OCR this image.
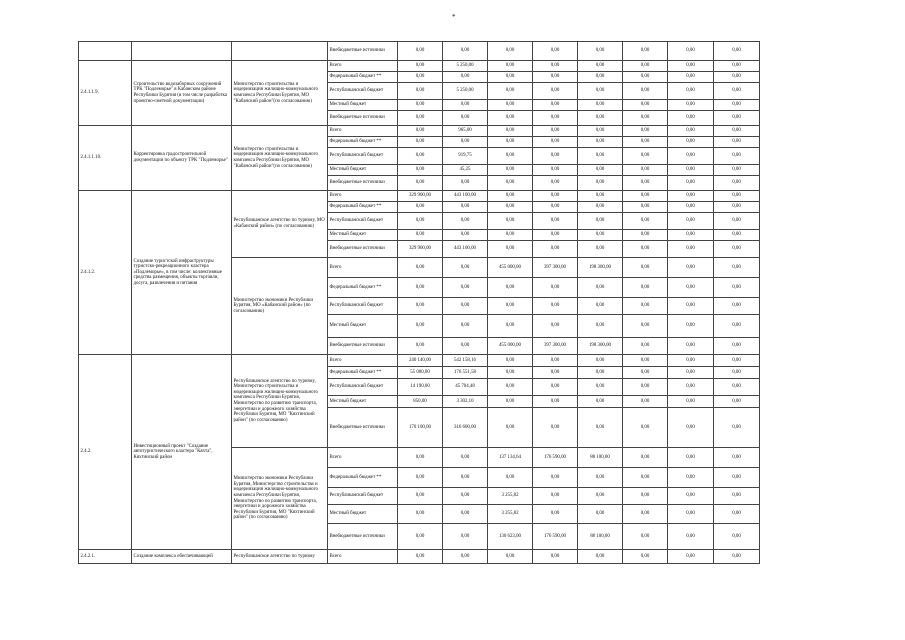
*
			Внебюджетные источники	0,00	0,00	0,00	0,00	0,00	0,00	0,00	0,00
2.4.1.1.9.	Строительство водозаборных сооружений ТРК "Подлеморье" в Кабанском районе Республики Бурятия (в том числе разработка проектно-сметной документации)	Министерство строительства и модернизации жилищно-коммунального комплекса Республики Бурятия, МО "Кабанский район"(по согласованию)	Всего	0,00	5 250,00	0,00	0,00	0,00	0,00	0,00	0,00
			Федеральный бюджет **	0,00	0,00	0,00	0,00	0,00	0,00	0,00	0,00
			Республиканский бюджет	0,00	5 250,00	0,00	0,00	0,00	0,00	0,00	0,00
			Местный бюджет	0,00	0,00	0,00	0,00	0,00	0,00	0,00	0,00
			Внебюджетные источники	0,00	0,00	0,00	0,00	0,00	0,00	0,00	0,00
2.4.1.1.10.	Корректировка градостроительной документации по объекту ТРК "Подлеморье"	Министерство строительства и модернизации жилищно-коммунального комплекса Республики Бурятия, МО "Кабанский район"(по согласованию)	Всего	0,00	965,00	0,00	0,00	0,00	0,00	0,00	0,00
			Федеральный бюджет **	0,00	0,00	0,00	0,00	0,00	0,00	0,00	0,00
			Республиканский бюджет	0,00	919,75	0,00	0,00	0,00	0,00	0,00	0,00
			Местный бюджет	0,00	45,25	0,00	0,00	0,00	0,00	0,00	0,00
			Внебюджетные источники	0,00	0,00	0,00	0,00	0,00	0,00	0,00	0,00
2.4.1.2.	Создание туристской инфраструктуры туристско-рекреационного кластера «Подлеморье», в том числе: коллективные средства размещения, объекты торговли, досуга, развлечения и питания	Республиканское агентство по туризму, МО «Кабанский район» (по согласованию)	Всего	329 900,00	443 100,00	0,00	0,00	0,00	0,00	0,00	0,00
			Федеральный бюджет **	0,00	0,00	0,00	0,00	0,00	0,00	0,00	0,00
			Республиканский бюджет	0,00	0,00	0,00	0,00	0,00	0,00	0,00	0,00
			Местный бюджет	0,00	0,00	0,00	0,00	0,00	0,00	0,00	0,00
			Внебюджетные источники	329 900,00	443 100,00	0,00	0,00	0,00	0,00	0,00	0,00
		Министерство экономики Республики Бурятия, МО «Кабанский район» (по согласованию)	Всего	0,00	0,00	455 000,00	397 300,00	198 300,00	0,00	0,00	0,00
			Федеральный бюджет **	0,00	0,00	0,00	0,00	0,00	0,00	0,00	0,00
			Республиканский бюджет	0,00	0,00	0,00	0,00	0,00	0,00	0,00	0,00
			Местный бюджет	0,00	0,00	0,00	0,00	0,00	0,00	0,00	0,00
			Внебюджетные источники	0,00	0,00	455 000,00	397 300,00	198 300,00	0,00	0,00	0,00
2.4.2.	Инвестиционный проект "Создание автотуристического кластера "Кяхта", Кяхтинский район	Республиканское агентство по туризму, Министерство строительства и модернизации жилищно-коммунального комплекса Республики Бурятия, Министерство по развитию транспорта, энергетики и дорожного хозяйства Республики Бурятия, МО "Кяхтинский район" (по согласованию)	Всего	240 140,00	542 158,16	0,00	0,00	0,00	0,00	0,00	0,00
			Федеральный бюджет **	55 000,00	176 551,58	0,00	0,00	0,00	0,00	0,00	0,00
			Республиканский бюджет	14 190,00	45 704,48	0,00	0,00	0,00	0,00	0,00	0,00
			Местный бюджет	850,00	3 302,10	0,00	0,00	0,00	0,00	0,00	0,00
			Внебюджетные источники	170 100,00	316 600,00	0,00	0,00	0,00	0,00	0,00	0,00
		Министерство экономики Республики Бурятия, Министерство строительства и модернизации жилищно-коммунального комплекса Республики Бурятия, Министерство по развитию транспорта, энергетики и дорожного хозяйства Республики Бурятия, МО "Кяхтинский район" (по согласованию)	Всего	0,00	0,00	137 134,64	176 590,00	88 100,00	0,00	0,00	0,00
			Федеральный бюджет **	0,00	0,00	0,00	0,00	0,00	0,00	0,00	0,00
			Республиканский бюджет	0,00	0,00	3 255,82	0,00	0,00	0,00	0,00	0,00
			Местный бюджет	0,00	0,00	3 255,82	0,00	0,00	0,00	0,00	0,00
			Внебюджетные источники	0,00	0,00	130 623,00	176 590,00	88 100,00	0,00	0,00	0,00
2.4.2.1.	Создание комплекса обеспечивающей	Республиканское агентство по туризму	Всего	0,00	0,00	0,00	0,00	0,00	0,00	0,00	0,00
